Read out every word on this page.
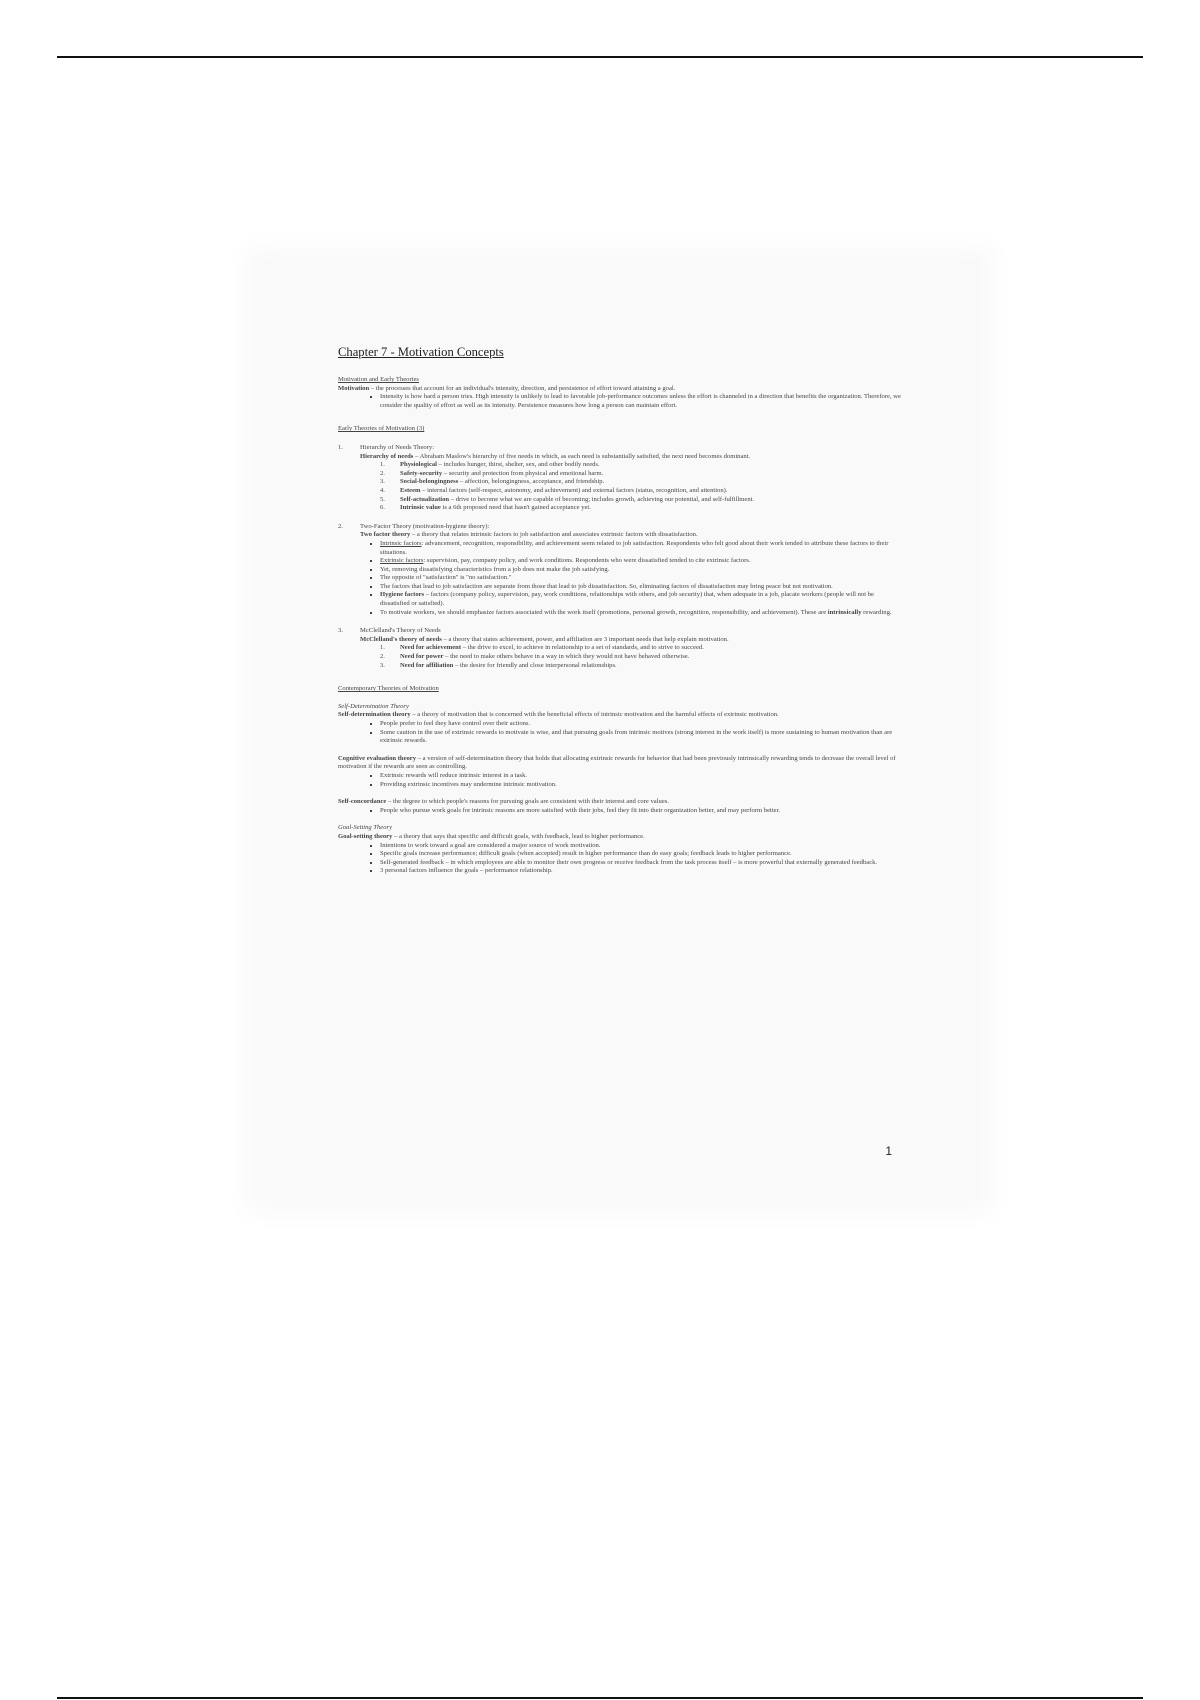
Chapter 7 - Motivation Concepts

Motivation and Early Theories

Motivation – the processes that account for an individual's intensity, direction, and persistence of effort toward attaining a goal.

▪ Intensity is how hard a person tries. High intensity is unlikely to lead to favorable job-performance outcomes unless the effort is channeled in a direction that benefits the organization. Therefore, we consider the quality of effort as well as its intensity. Persistence measures how long a person can maintain effort.

Early Theories of Motivation (3)

1.	Hierarchy of Needs Theory:

Hierarchy of needs – Abraham Maslow's hierarchy of five needs in which, as each need is substantially satisfied, the next need becomes dominant.

1.	Physiological – includes hunger, thirst, shelter, sex, and other bodily needs.
2.	Safety-security – security and protection from physical and emotional harm.
3.	Social-belongingness – affection, belongingness, acceptance, and friendship.
4.	Esteem – internal factors (self-respect, autonomy, and achievement) and external factors (status, recognition, and attention).
5.	Self-actualization – drive to become what we are capable of becoming; includes growth, achieving our potential, and self-fulfillment.
6.	Intrinsic value is a 6th proposed need that hasn't gained acceptance yet.
2.	Two-Factor Theory (motivation-hygiene theory):

Two factor theory – a theory that relates intrinsic factors to job satisfaction and associates extrinsic factors with dissatisfaction.

▪ Intrinsic factors: advancement, recognition, responsibility, and achievement seem related to job satisfaction. Respondents who felt good about their work tended to attribute these factors to their situations.
▪ Extrinsic factors: supervision, pay, company policy, and work conditions. Respondents who were dissatisfied tended to cite extrinsic factors.
▪ Yet, removing dissatisfying characteristics from a job does not make the job satisfying.
▪ The opposite of "satisfaction" is "no satisfaction."
▪ The factors that lead to job satisfaction are separate from those that lead to job dissatisfaction. So, eliminating factors of dissatisfaction may bring peace but not motivation.
▪ Hygiene factors – factors (company policy, supervision, pay, work conditions, relationships with others, and job security) that, when adequate in a job, placate workers (people will not be dissatisfied or satisfied).
▪ To motivate workers, we should emphasize factors associated with the work itself (promotions, personal growth, recognition, responsibility, and achievement). These are intrinsically rewarding.
3.	McClelland's Theory of Needs

McClelland's theory of needs – a theory that states achievement, power, and affiliation are 3 important needs that help explain motivation.

1.	Need for achievement – the drive to excel, to achieve in relationship to a set of standards, and to strive to succeed.
2.	Need for power – the need to make others behave in a way in which they would not have behaved otherwise.
3.	Need for affiliation – the desire for friendly and close interpersonal relationships.

Contemporary Theories of Motivation

Self-Determination Theory

Self-determination theory – a theory of motivation that is concerned with the beneficial effects of intrinsic motivation and the harmful effects of extrinsic motivation.

▪ People prefer to feel they have control over their actions.
▪ Some caution in the use of extrinsic rewards to motivate is wise, and that pursuing goals from intrinsic motives (strong interest in the work itself) is more sustaining to human motivation than are extrinsic rewards.

Cognitive evaluation theory – a version of self-determination theory that holds that allocating extrinsic rewards for behavior that had been previously intrinsically rewarding tends to decrease the overall level of motivation if the rewards are seen as controlling.

▪ Extrinsic rewards will reduce intrinsic interest in a task.
▪ Providing extrinsic incentives may undermine intrinsic motivation.

Self-concordance – the degree to which people's reasons for pursuing goals are consistent with their interest and core values.

▪ People who pursue work goals for intrinsic reasons are more satisfied with their jobs, feel they fit into their organization better, and may perform better.

Goal-Setting Theory

Goal-setting theory – a theory that says that specific and difficult goals, with feedback, lead to higher performance.

▪ Intentions to work toward a goal are considered a major source of work motivation.
▪ Specific goals increase performance; difficult goals (when accepted) result in higher performance than do easy goals; feedback leads to higher performance.
▪ Self-generated feedback – in which employees are able to monitor their own progress or receive feedback from the task process itself – is more powerful that externally generated feedback.
▪ 3 personal factors influence the goals – performance relationship.
1
